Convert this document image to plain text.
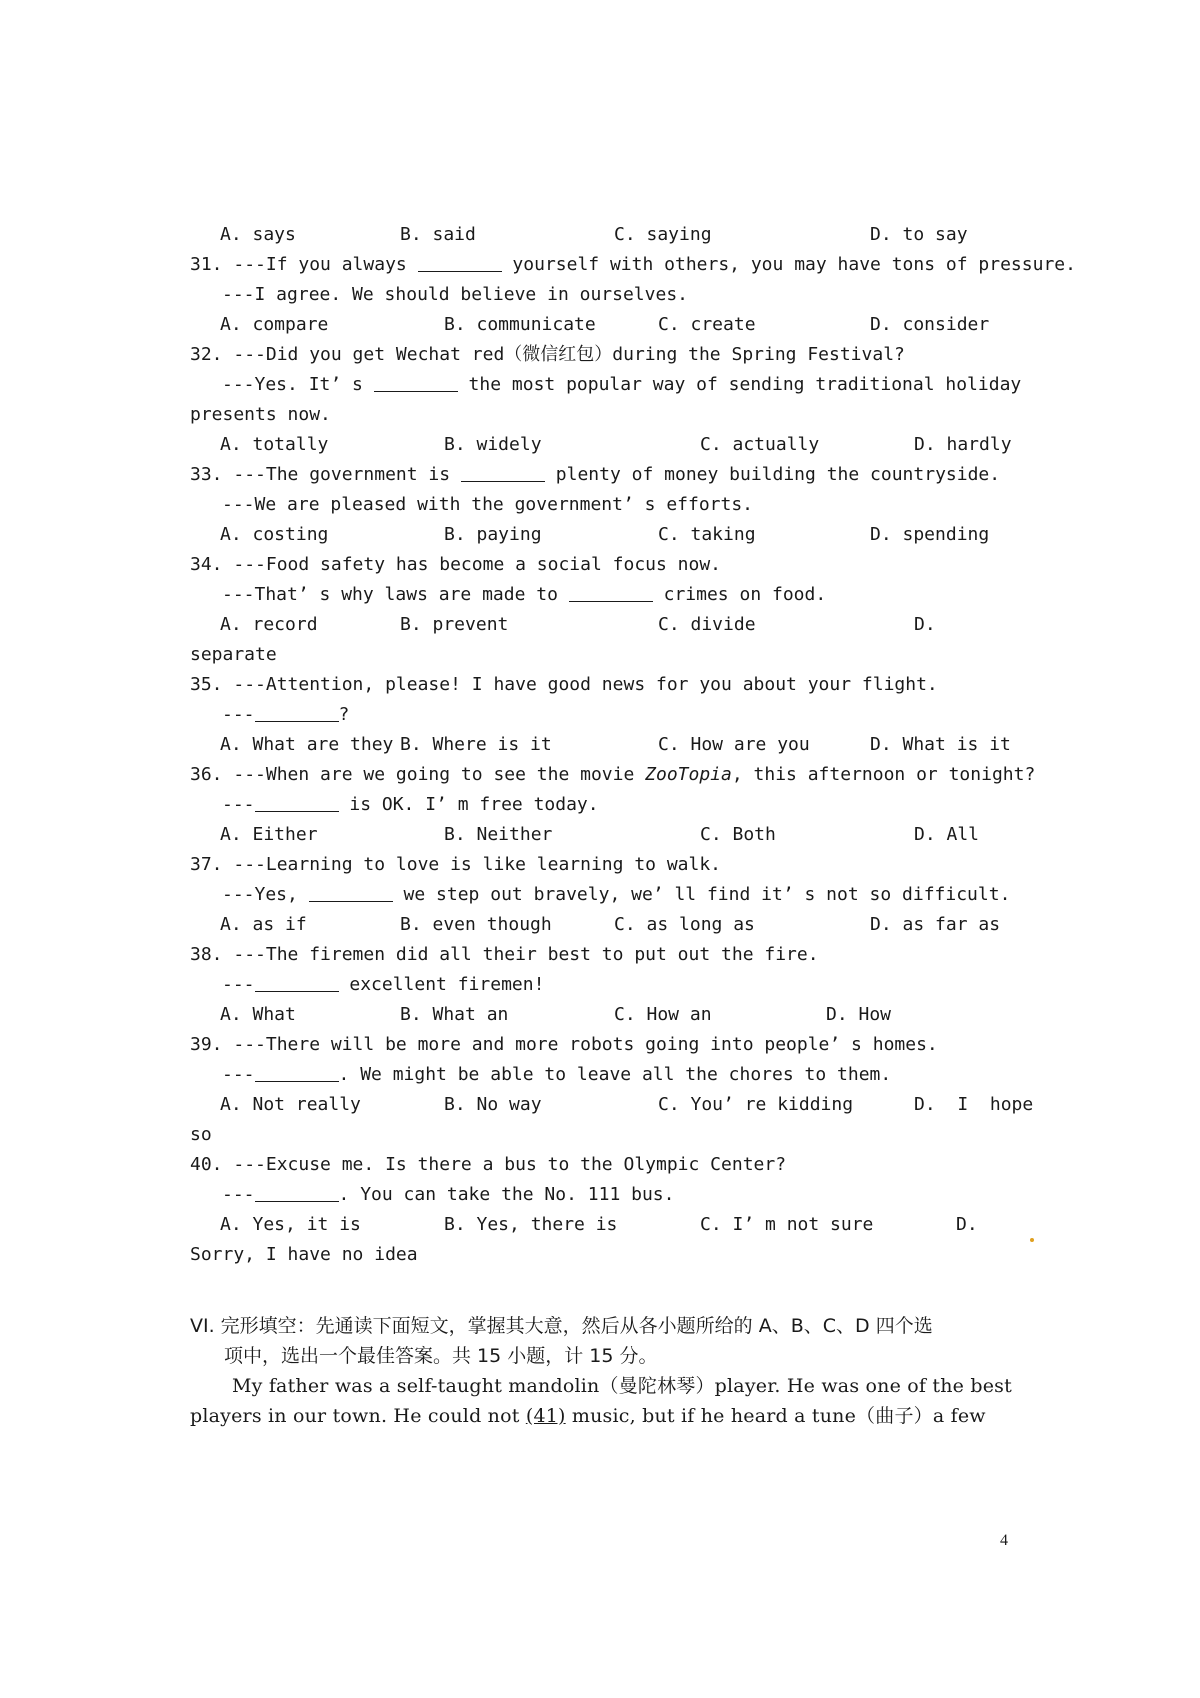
A. says

	B. said

	C. saying

	D. to say

31. ---If you always	yourself with others, you may have tons of pressure.
---I agree. We should believe in ourselves.

A. compare

	B. communicate

	C. create

	D. consider

32. ---Did you get Wechat red（微信红包）during the Spring Festival?
---Yes. It’ s	the most popular way of sending traditional holiday
presents now.

A. totally

	B. widely

	C. actually

	D. hardly

33. ---The government is	plenty of money building the countryside.
---We are pleased with the government’ s efforts.

A. costing

	B. paying

	C. taking

	D. spending

34. ---Food safety has become a social focus now.
---That’ s why laws are made to	crimes on food.

A. record

	B. prevent

	C. divide

	D.

separate
35. ---Attention, please! I have good news for you about your flight.
---	?

A. What are they

B. Where is it

	C. How are you

	D. What is it

36. ---When are we going to see the movie ZooTopia, this afternoon or tonight?
---	is OK. I’ m free today.

A. Either

	B. Neither

	C. Both

	D. All

37. ---Learning to love is like learning to walk.
---Yes,	we step out bravely, we’ ll find it’ s not so difficult.

A. as if

	B. even though

	C. as long as

	D. as far as

38. ---The firemen did all their best to put out the fire.
---	excellent firemen!

A. What

	B. What an

	C. How an

	D. How

39. ---There will be more and more robots going into people’ s homes.
---	. We might be able to leave all the chores to them.

A. Not really

	B. No way

	C. You’ re kidding

	D.  I  hope

so
40. ---Excuse me. Is there a bus to the Olympic Center?
---	. You can take the No. 111 bus.

A. Yes, it is

	B. Yes, there is

	C. I’ m not sure

	D.

Sorry, I have no idea
VI. 完形填空：先通读下面短文，掌握其大意，然后从各小题所给的 A、B、C、D 四个选
项中，选出一个最佳答案。共 15 小题，计 15 分。
My father was a self-taught mandolin（曼陀林琴）player. He was one of the best
players in our town. He could not (41) music, but if he heard a tune（曲子）a few
4
